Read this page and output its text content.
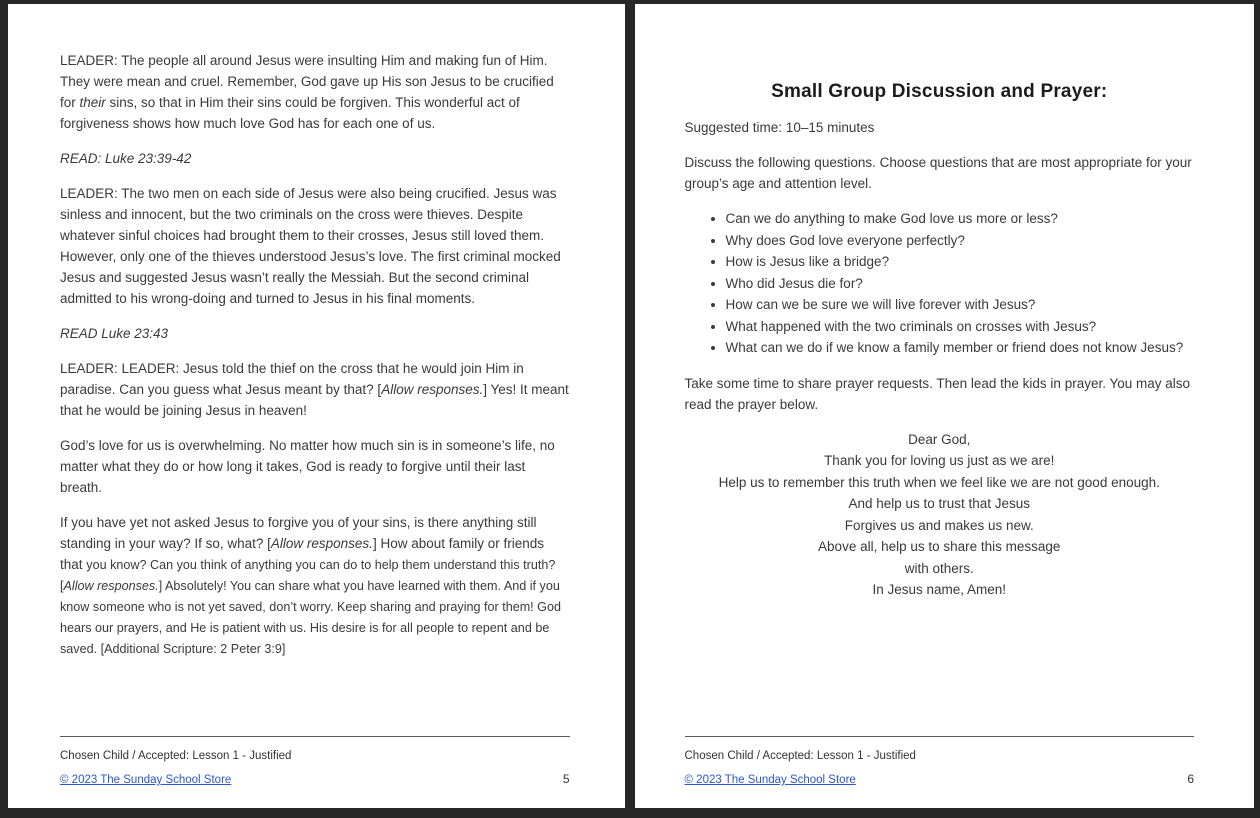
LEADER: The people all around Jesus were insulting Him and making fun of Him. They were mean and cruel. Remember, God gave up His son Jesus to be crucified for their sins, so that in Him their sins could be forgiven. This wonderful act of forgiveness shows how much love God has for each one of us.

READ: Luke 23:39-42

LEADER: The two men on each side of Jesus were also being crucified. Jesus was sinless and innocent, but the two criminals on the cross were thieves. Despite whatever sinful choices had brought them to their crosses, Jesus still loved them. However, only one of the thieves understood Jesus’s love. The first criminal mocked Jesus and suggested Jesus wasn’t really the Messiah. But the second criminal admitted to his wrong-doing and turned to Jesus in his final moments.

READ Luke 23:43

LEADER: LEADER: Jesus told the thief on the cross that he would join Him in paradise. Can you guess what Jesus meant by that? [Allow responses.] Yes! It meant that he would be joining Jesus in heaven!

God’s love for us is overwhelming. No matter how much sin is in someone’s life, no matter what they do or how long it takes, God is ready to forgive until their last breath.

If you have yet not asked Jesus to forgive you of your sins, is there anything still standing in your way? If so, what? [Allow responses.] How about family or friends that you know? Can you think of anything you can do to help them understand this truth? [Allow responses.] Absolutely! You can share what you have learned with them. And if you know someone who is not yet saved, don’t worry. Keep sharing and praying for them! God hears our prayers, and He is patient with us. His desire is for all people to repent and be saved. [Additional Scripture: 2 Peter 3:9]

Chosen Child / Accepted: Lesson 1 - Justified
© 2023 The Sunday School Store	5
Small Group Discussion and Prayer:

Suggested time: 10–15 minutes

Discuss the following questions. Choose questions that are most appropriate for your group’s age and attention level.

• Can we do anything to make God love us more or less?
• Why does God love everyone perfectly?
• How is Jesus like a bridge?
• Who did Jesus die for?
• How can we be sure we will live forever with Jesus?
• What happened with the two criminals on crosses with Jesus?
• What can we do if we know a family member or friend does not know Jesus?

Take some time to share prayer requests. Then lead the kids in prayer. You may also read the prayer below.

Dear God,
Thank you for loving us just as we are!
Help us to remember this truth when we feel like we are not good enough.
And help us to trust that Jesus
Forgives us and makes us new.
Above all, help us to share this message
with others.
In Jesus name, Amen!
Chosen Child / Accepted: Lesson 1 - Justified
© 2023 The Sunday School Store	6
